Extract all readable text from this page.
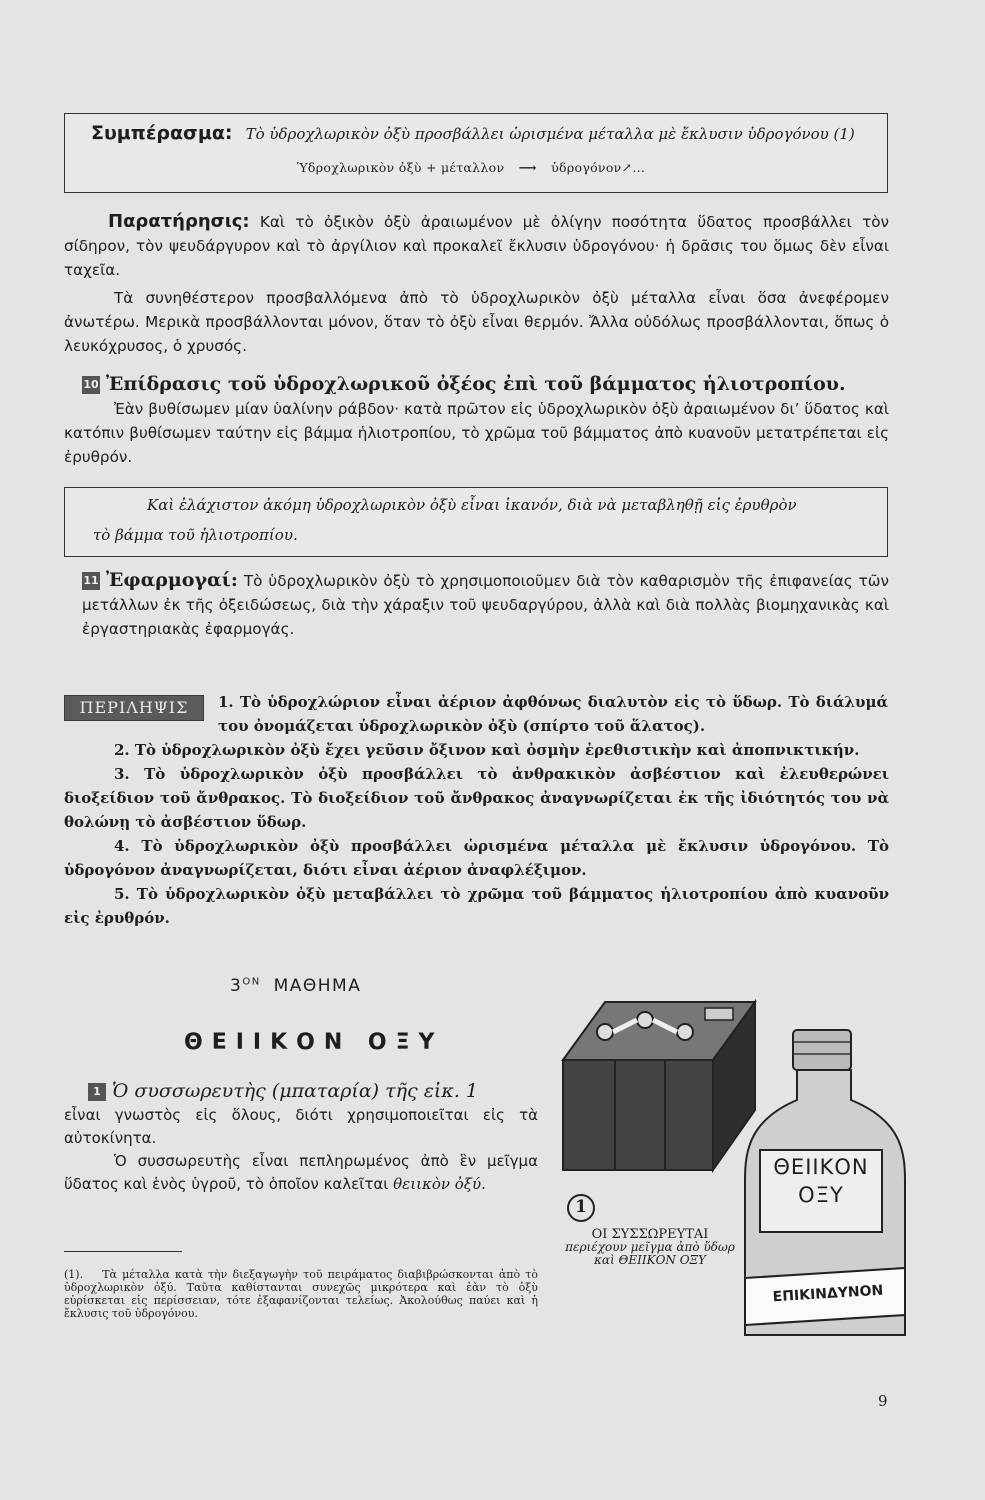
Συμπέρασμα: Τὸ ὑδροχλωρικὸν ὀξὺ προσβάλλει ὡρισμένα μέταλλα μὲ ἔκλυσιν ὑδρογόνου (1)
Ὑδροχλωρικὸν ὀξὺ + μέταλλον ⟶ ὑδρογόνον↗...
Παρατήρησις: Καὶ τὸ ὀξικὸν ὀξὺ ἀραιωμένον μὲ ὀλίγην ποσότητα ὕδατος προσβάλλει τὸν σίδηρον, τὸν ψευδάργυρον καὶ τὸ ἀργίλιον καὶ προκαλεῖ ἔκλυσιν ὑδρογόνου· ἡ δρᾶσις του ὅμως δὲν εἶναι ταχεῖα.
Τὰ συνηθέστερον προσβαλλόμενα ἀπὸ τὸ ὑδροχλωρικὸν ὀξὺ μέταλλα εἶναι ὅσα ἀνεφέρομεν ἀνωτέρω. Μερικὰ προσβάλλονται μόνον, ὅταν τὸ ὀξὺ εἶναι θερμόν. Ἄλλα οὐδόλως προσβάλλονται, ὅπως ὁ λευκόχρυσος, ὁ χρυσός.
10 Ἐπίδρασις τοῦ ὑδροχλωρικοῦ ὀξέος ἐπὶ τοῦ βάμματος ἡλιοτροπίου.
Ἐὰν βυθίσωμεν μίαν ὑαλίνην ράβδον· κατὰ πρῶτον εἰς ὑδροχλωρικὸν ὀξὺ ἀραιωμένον δι’ ὕδατος καὶ κατόπιν βυθίσωμεν ταύτην εἰς βάμμα ἡλιοτροπίου, τὸ χρῶμα τοῦ βάμματος ἀπὸ κυανοῦν μετατρέπεται εἰς ἐρυθρόν.
Καὶ ἐλάχιστον ἀκόμη ὑδροχλωρικὸν ὀξὺ εἶναι ἱκανόν, διὰ νὰ μεταβληθῇ εἰς ἐρυθρὸν
τὸ βάμμα τοῦ ἡλιοτροπίου.
11 Ἐφαρμογαί: Τὸ ὑδροχλωρικὸν ὀξὺ τὸ χρησιμοποιοῦμεν διὰ τὸν καθαρισμὸν τῆς ἐπιφανείας τῶν μετάλλων ἐκ τῆς ὀξειδώσεως, διὰ τὴν χάραξιν τοῦ ψευδαργύρου, ἀλλὰ καὶ διὰ πολλὰς βιομηχανικὰς καὶ ἐργαστηριακὰς ἐφαρμογάς.
ΠΕΡΙΛΗΨΙΣ	1. Τὸ ὑδροχλώριον εἶναι ἀέριον ἀφθόνως διαλυτὸν εἰς τὸ ὕδωρ. Τὸ διάλυμά του ὀνομάζεται ὑδροχλωρικὸν ὀξὺ (σπίρτο τοῦ ἅλατος).
2. Τὸ ὑδροχλωρικὸν ὀξὺ ἔχει γεῦσιν ὄξινον καὶ ὀσμὴν ἐρεθιστικὴν καὶ ἀποπνικτικήν.
3. Τὸ ὑδροχλωρικὸν ὀξὺ προσβάλλει τὸ ἀνθρακικὸν ἀσβέστιον καὶ ἐλευθερώνει διοξείδιον τοῦ ἄνθρακος. Τὸ διοξείδιον τοῦ ἄνθρακος ἀναγνωρίζεται ἐκ τῆς ἰδιότητός του νὰ θολώνῃ τὸ ἀσβέστιον ὕδωρ.
4. Τὸ ὑδροχλωρικὸν ὀξὺ προσβάλλει ὡρισμένα μέταλλα μὲ ἔκλυσιν ὑδρογόνου. Τὸ ὑδρογόνον ἀναγνωρίζεται, διότι εἶναι ἀέριον ἀναφλέξιμον.
5. Τὸ ὑδροχλωρικὸν ὀξὺ μεταβάλλει τὸ χρῶμα τοῦ βάμματος ἡλιοτροπίου ἀπὸ κυανοῦν εἰς ἐρυθρόν.
$3^{ON}$ ΜΑΘΗΜΑ
ΘΕΙΙΚΟΝ ΟΞΥ
1 Ὁ συσσωρευτὴς (μπαταρία) τῆς εἰκ. 1
εἶναι γνωστὸς εἰς ὅλους, διότι χρησιμοποιεῖται εἰς τὰ αὐτοκίνητα.
Ὁ συσσωρευτὴς εἶναι πεπληρωμένος ἀπὸ ἓν μεῖγμα ὕδατος καὶ ἑνὸς ὑγροῦ, τὸ ὁποῖον καλεῖται θειικὸν ὀξύ.
(1). Τὰ μέταλλα κατὰ τὴν διεξαγωγὴν τοῦ πειράματος διαβιβρώσκονται ἀπὸ τὸ ὑδροχλωρικὸν ὀξύ. Ταῦτα καθίστανται συνεχῶς μικρότερα καὶ ἐὰν τὸ ὀξὺ εὑρίσκεται εἰς περίσσειαν, τότε ἐξαφανίζονται τελείως. Ἀκολούθως παύει καὶ ἡ ἔκλυσις τοῦ ὑδρογόνου.
1
ΘΕΙΙΚΟΝ
ΟΞΥ
ΕΠΙΚΙΝΔΥΝΟΝ
ΟΙ ΣΥΣΣΩΡΕΥΤΑΙ
περιέχουν μεῖγμα ἀπὸ ὕδωρ καὶ ΘΕΙΙΚΟΝ ΟΞΥ
9
